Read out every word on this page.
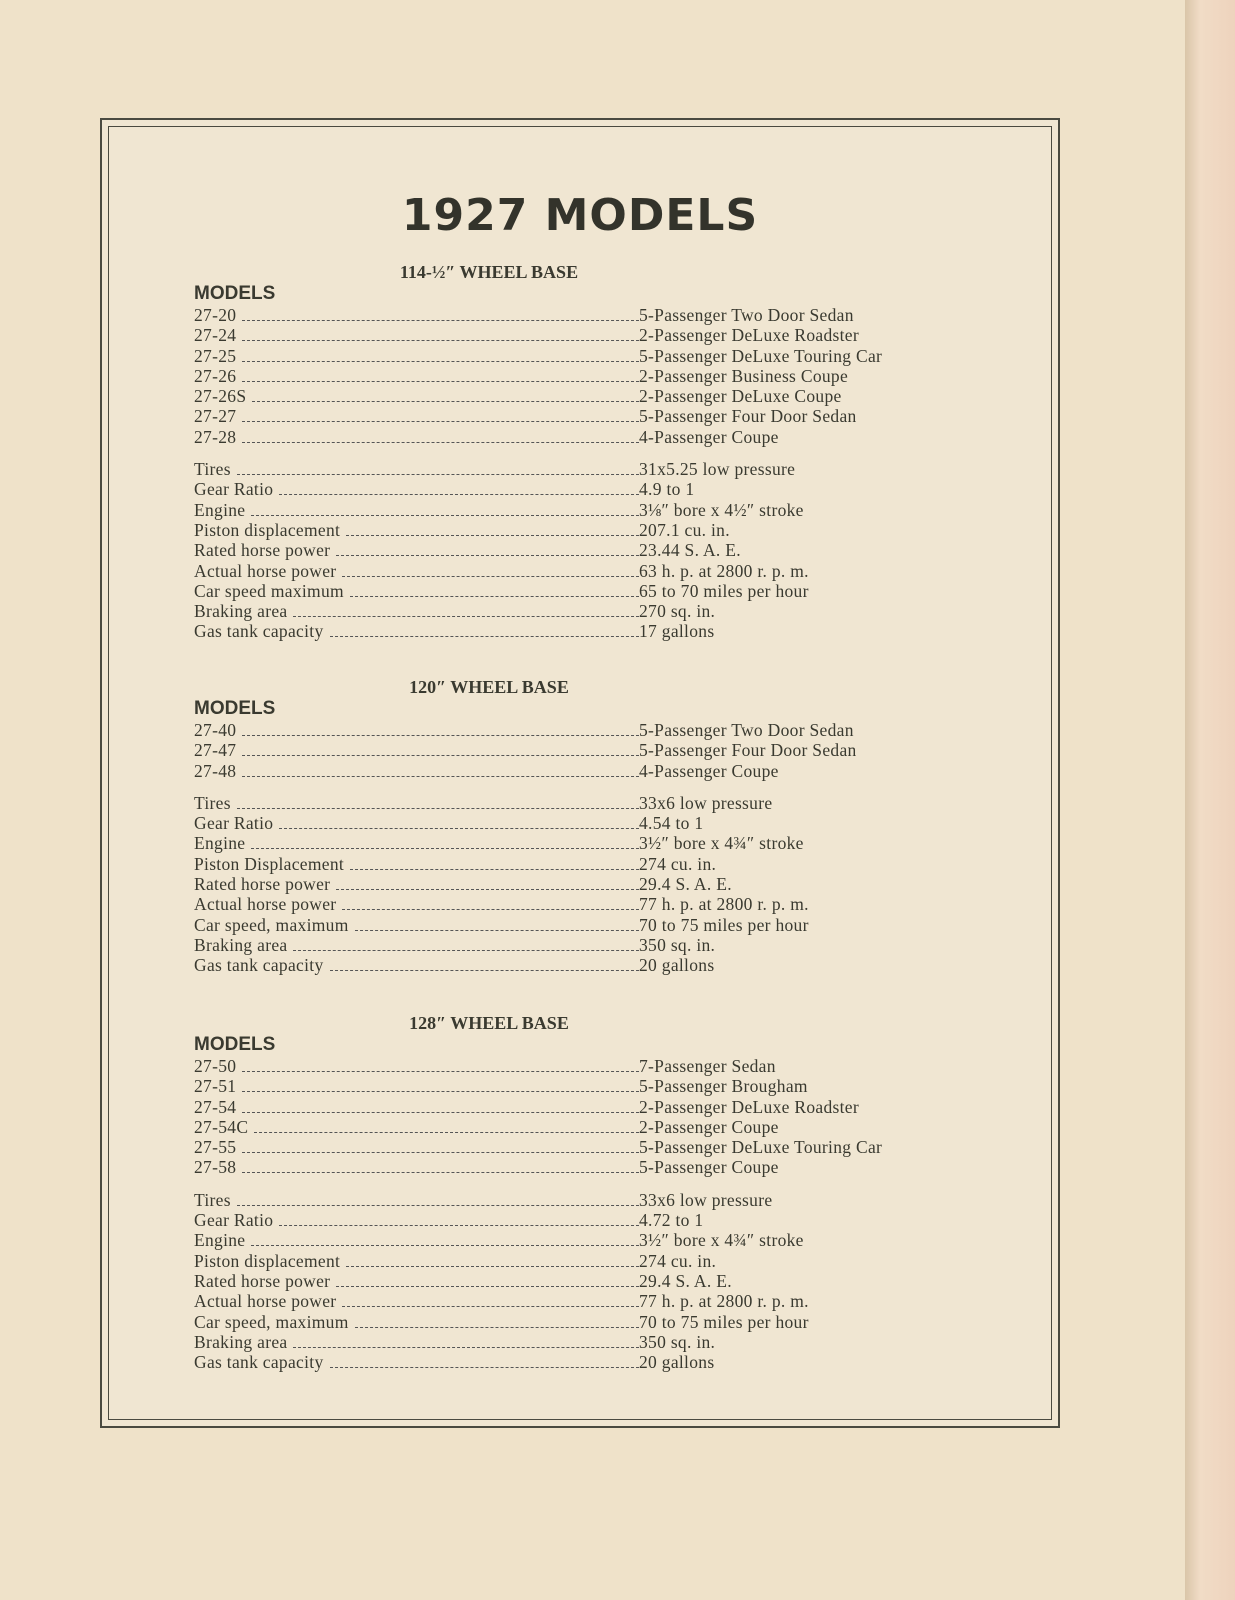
1927 MODELS
114-½″ WHEEL BASE
MODELS
27-20	5-Passenger Two Door Sedan
27-24	2-Passenger DeLuxe Roadster
27-25	5-Passenger DeLuxe Touring Car
27-26	2-Passenger Business Coupe
27-26S	2-Passenger DeLuxe Coupe
27-27	5-Passenger Four Door Sedan
27-28	4-Passenger Coupe
Tires	31x5.25 low pressure
Gear Ratio	4.9 to 1
Engine	3⅛″ bore x 4½″ stroke
Piston displacement	207.1 cu. in.
Rated horse power	23.44 S. A. E.
Actual horse power	63 h. p. at 2800 r. p. m.
Car speed maximum	65 to 70 miles per hour
Braking area	270 sq. in.
Gas tank capacity	17 gallons
120″ WHEEL BASE
MODELS
27-40	5-Passenger Two Door Sedan
27-47	5-Passenger Four Door Sedan
27-48	4-Passenger Coupe
Tires	33x6 low pressure
Gear Ratio	4.54 to 1
Engine	3½″ bore x 4¾″ stroke
Piston Displacement	274 cu. in.
Rated horse power	29.4 S. A. E.
Actual horse power	77 h. p. at 2800 r. p. m.
Car speed, maximum	70 to 75 miles per hour
Braking area	350 sq. in.
Gas tank capacity	20 gallons
128″ WHEEL BASE
MODELS
27-50	7-Passenger Sedan
27-51	5-Passenger Brougham
27-54	2-Passenger DeLuxe Roadster
27-54C	2-Passenger Coupe
27-55	5-Passenger DeLuxe Touring Car
27-58	5-Passenger Coupe
Tires	33x6 low pressure
Gear Ratio	4.72 to 1
Engine	3½″ bore x 4¾″ stroke
Piston displacement	274 cu. in.
Rated horse power	29.4 S. A. E.
Actual horse power	77 h. p. at 2800 r. p. m.
Car speed, maximum	70 to 75 miles per hour
Braking area	350 sq. in.
Gas tank capacity	20 gallons
